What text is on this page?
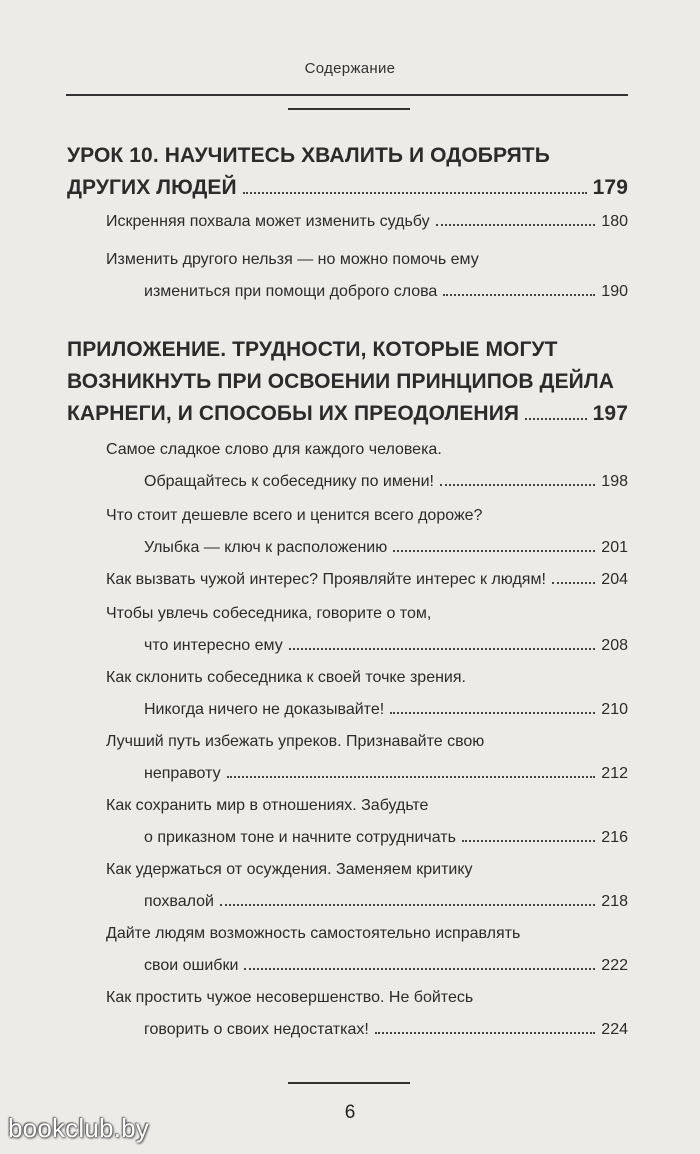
Содержание
УРОК 10. НАУЧИТЕСЬ ХВАЛИТЬ И ОДОБРЯТЬ
ДРУГИХ ЛЮДЕЙ	179
Искренняя похвала может изменить судьбу	180
Изменить другого нельзя — но можно помочь ему
измениться при помощи доброго слова	190
ПРИЛОЖЕНИЕ. ТРУДНОСТИ, КОТОРЫЕ МОГУТ
ВОЗНИКНУТЬ ПРИ ОСВОЕНИИ ПРИНЦИПОВ ДЕЙЛА
КАРНЕГИ, И СПОСОБЫ ИХ ПРЕОДОЛЕНИЯ	197
Самое сладкое слово для каждого человека.
Обращайтесь к собеседнику по имени!	198
Что стоит дешевле всего и ценится всего дороже?
Улыбка — ключ к расположению	201
Как вызвать чужой интерес? Проявляйте интерес к людям!	204
Чтобы увлечь собеседника, говорите о том,
что интересно ему	208
Как склонить собеседника к своей точке зрения.
Никогда ничего не доказывайте!	210
Лучший путь избежать упреков. Признавайте свою
неправоту	212
Как сохранить мир в отношениях. Забудьте
о приказном тоне и начните сотрудничать	216
Как удержаться от осуждения. Заменяем критику
похвалой	218
Дайте людям возможность самостоятельно исправлять
свои ошибки	222
Как простить чужое несовершенство. Не бойтесь
говорить о своих недостатках!	224
6
bookclub.by
